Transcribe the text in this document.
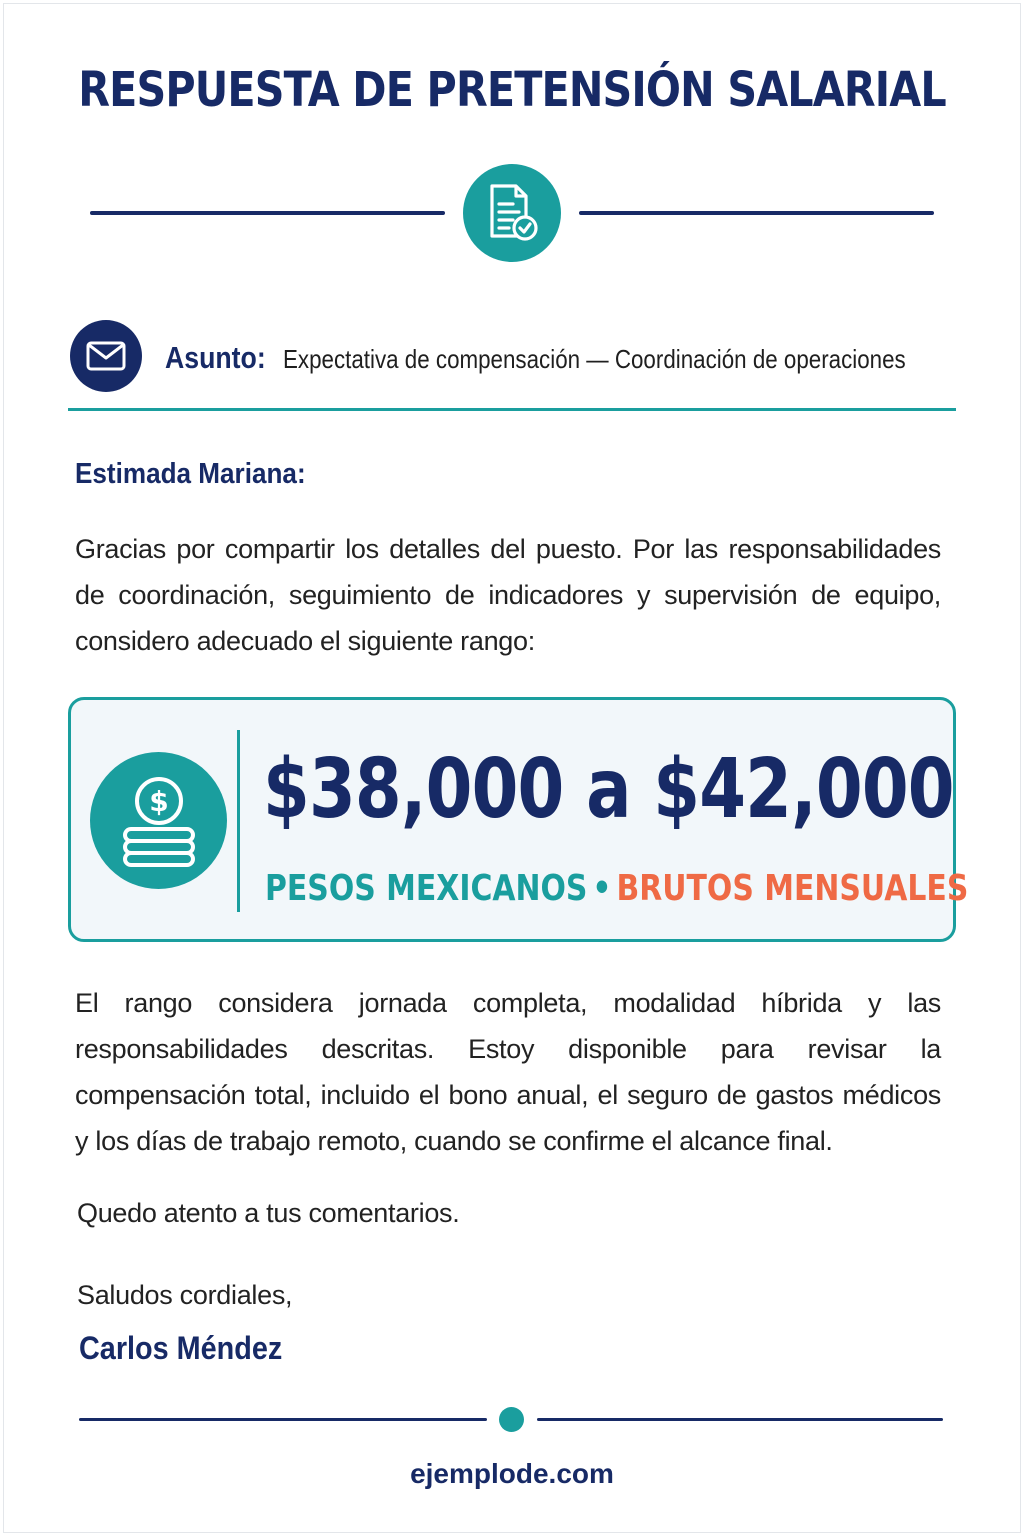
RESPUESTA DE PRETENSIÓN SALARIAL
Asunto: Expectativa de compensación — Coordinación de operaciones
Estimada Mariana:
Gracias por compartir los detalles del puesto. Por las responsabilidades de coordinación, seguimiento de indicadores y supervisión de equipo, considero adecuado el siguiente rango:
$ $38,000 a $42,000
PESOS MEXICANOS • BRUTOS MENSUALES
El rango considera jornada completa, modalidad híbrida y las responsabilidades descritas. Estoy disponible para revisar la compensación total, incluido el bono anual, el seguro de gastos médicos y los días de trabajo remoto, cuando se confirme el alcance final.
Quedo atento a tus comentarios.
Saludos cordiales,
Carlos Méndez
ejemplode.com
